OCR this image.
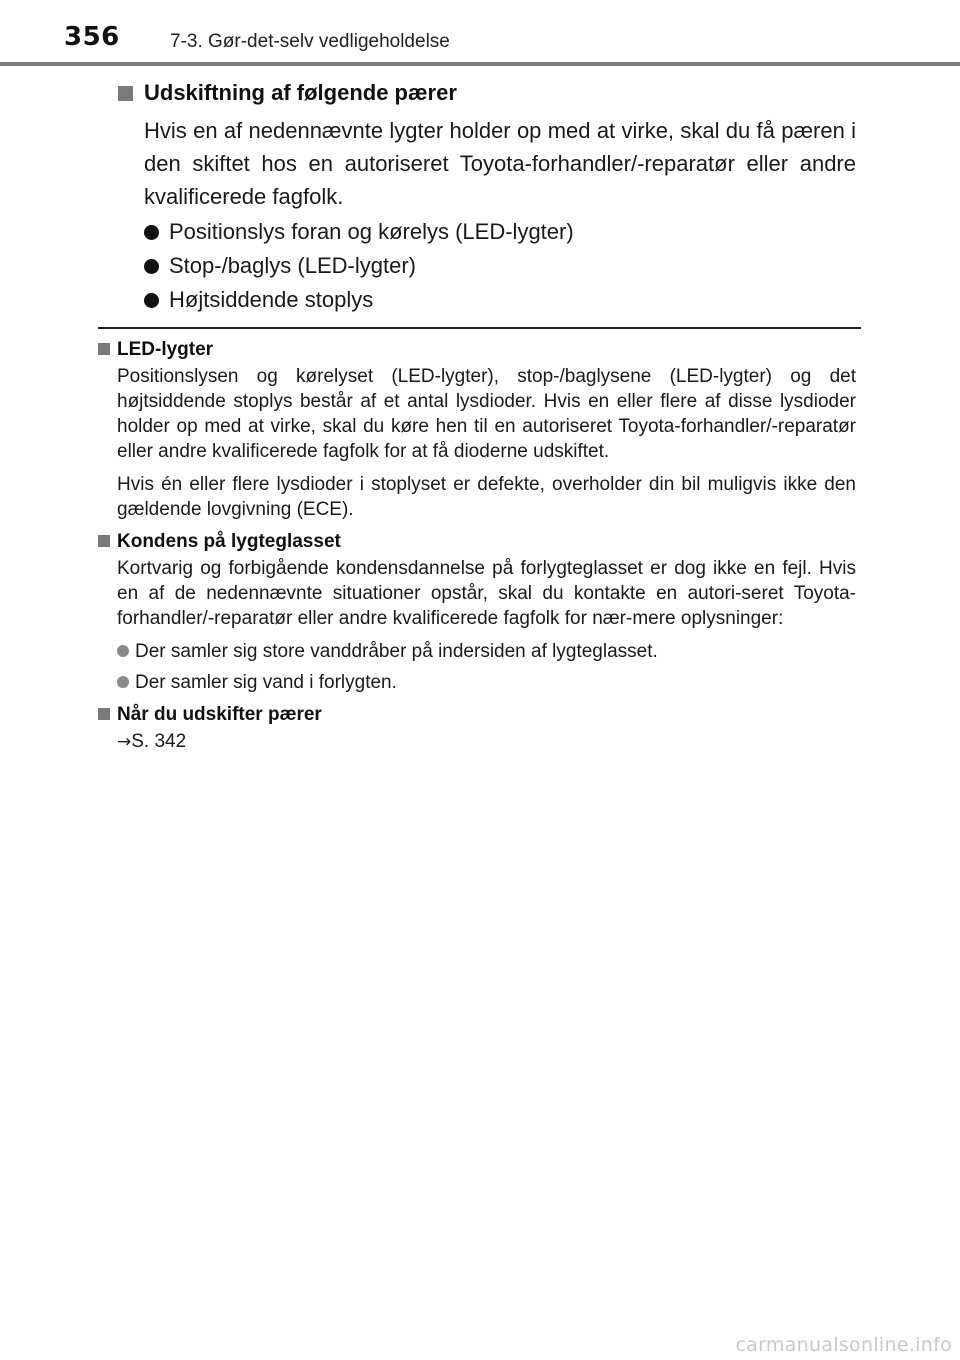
356	7-3. Gør-det-selv vedligeholdelse
Udskiftning af følgende pærer

Hvis en af nedennævnte lygter holder op med at virke, skal du få pæren i den skiftet hos en autoriseret Toyota-forhandler/-reparatør eller andre kvalificerede fagfolk.

Positionslys foran og kørelys (LED-lygter)
Stop-/baglys (LED-lygter)
Højtsiddende stoplys
LED-lygter

Positionslysen og kørelyset (LED-lygter), stop-/baglysene (LED-lygter) og det højtsiddende stoplys består af et antal lysdioder. Hvis en eller flere af disse lysdioder holder op med at virke, skal du køre hen til en autoriseret Toyota-forhandler/-reparatør eller andre kvalificerede fagfolk for at få dioderne udskiftet.

Hvis én eller flere lysdioder i stoplyset er defekte, overholder din bil muligvis ikke den gældende lovgivning (ECE).

Kondens på lygteglasset

Kortvarig og forbigående kondensdannelse på forlygteglasset er dog ikke en fejl. Hvis en af de nedennævnte situationer opstår, skal du kontakte en autori-seret Toyota-forhandler/-reparatør eller andre kvalificerede fagfolk for nær-mere oplysninger:

Der samler sig store vanddråber på indersiden af lygteglasset.
Der samler sig vand i forlygten.
Når du udskifter pærer
→S. 342
carmanualsonline.info
